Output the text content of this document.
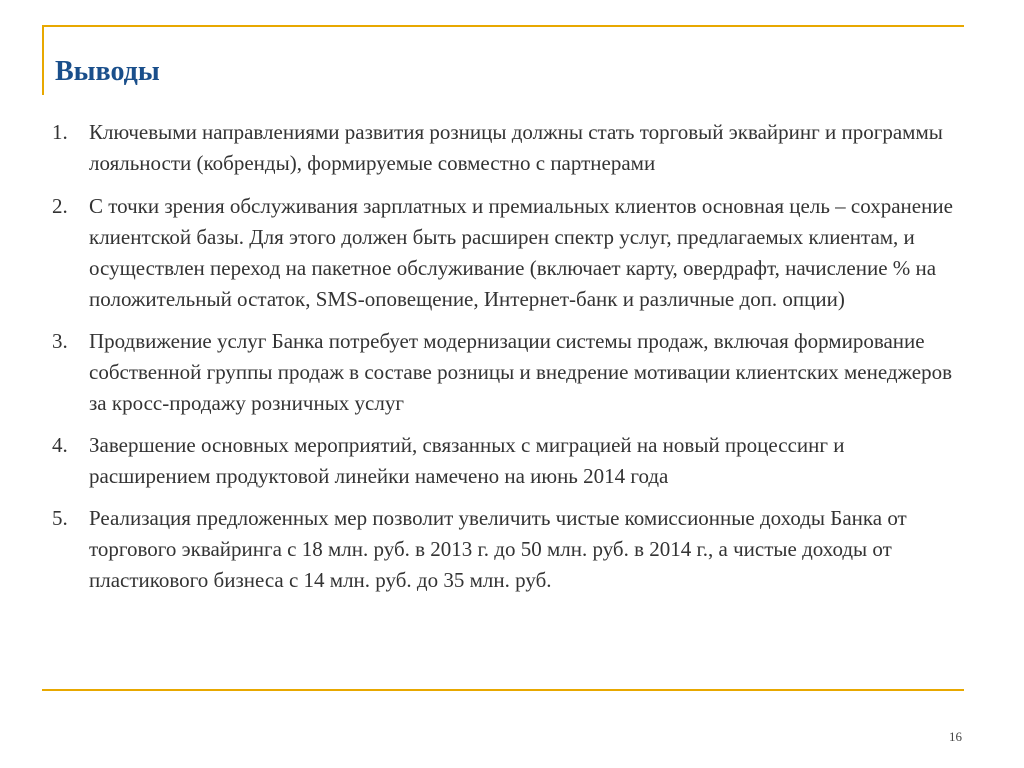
Выводы
1. Ключевыми направлениями развития розницы должны стать торговый эквайринг и программы лояльности (кобренды), формируемые совместно с партнерами
2. С точки зрения обслуживания зарплатных и премиальных клиентов основная цель – сохранение клиентской базы. Для этого должен быть расширен спектр услуг, предлагаемых клиентам, и осуществлен переход на пакетное обслуживание (включает карту, овердрафт, начисление % на положительный остаток, SMS-оповещение, Интернет-банк и различные доп. опции)
3. Продвижение услуг Банка потребует модернизации системы продаж, включая формирование собственной группы продаж в составе розницы и внедрение мотивации клиентских менеджеров за кросс-продажу розничных услуг
4. Завершение основных мероприятий, связанных с миграцией на новый процессинг и расширением продуктовой линейки намечено на июнь 2014 года
5. Реализация предложенных мер позволит увеличить чистые комиссионные доходы Банка от торгового эквайринга с 18 млн. руб. в 2013 г. до 50 млн. руб. в 2014 г., а чистые доходы от пластикового бизнеса с 14 млн. руб. до 35 млн. руб.
16
